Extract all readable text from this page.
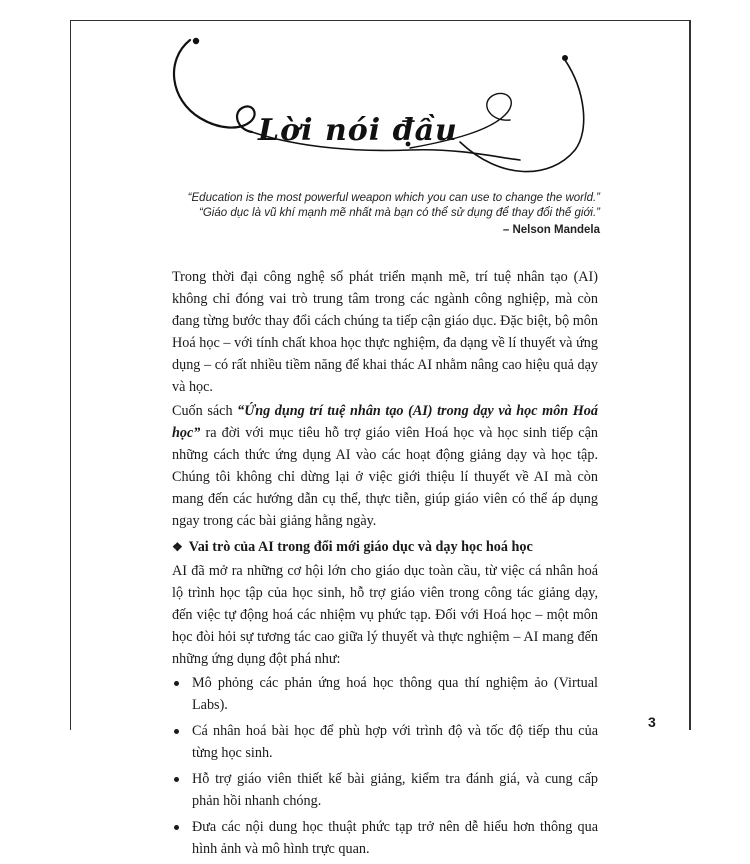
Lời nói đầu
“Education is the most powerful weapon which you can use to change the world.”
“Giáo dục là vũ khí mạnh mẽ nhất mà bạn có thể sử dụng để thay đổi thế giới.”
– Nelson Mandela

Trong thời đại công nghệ số phát triển mạnh mẽ, trí tuệ nhân tạo (AI) không chỉ đóng vai trò trung tâm trong các ngành công nghiệp, mà còn đang từng bước thay đổi cách chúng ta tiếp cận giáo dục. Đặc biệt, bộ môn Hoá học – với tính chất khoa học thực nghiệm, đa dạng về lí thuyết và ứng dụng – có rất nhiều tiềm năng để khai thác AI nhằm nâng cao hiệu quả dạy và học.

Cuốn sách “Ứng dụng trí tuệ nhân tạo (AI) trong dạy và học môn Hoá học” ra đời với mục tiêu hỗ trợ giáo viên Hoá học và học sinh tiếp cận những cách thức ứng dụng AI vào các hoạt động giảng dạy và học tập. Chúng tôi không chỉ dừng lại ở việc giới thiệu lí thuyết về AI mà còn mang đến các hướng dẫn cụ thể, thực tiễn, giúp giáo viên có thể áp dụng ngay trong các bài giảng hằng ngày.

❖ Vai trò của AI trong đổi mới giáo dục và dạy học hoá học

AI đã mở ra những cơ hội lớn cho giáo dục toàn cầu, từ việc cá nhân hoá lộ trình học tập của học sinh, hỗ trợ giáo viên trong công tác giảng dạy, đến việc tự động hoá các nhiệm vụ phức tạp. Đối với Hoá học – một môn học đòi hỏi sự tương tác cao giữa lý thuyết và thực nghiệm – AI mang đến những ứng dụng đột phá như:

Mô phỏng các phản ứng hoá học thông qua thí nghiệm ảo (Virtual Labs).
Cá nhân hoá bài học để phù hợp với trình độ và tốc độ tiếp thu của từng học sinh.
Hỗ trợ giáo viên thiết kế bài giảng, kiểm tra đánh giá, và cung cấp phản hồi nhanh chóng.
Đưa các nội dung học thuật phức tạp trở nên dễ hiểu hơn thông qua hình ảnh và mô hình trực quan.
3
